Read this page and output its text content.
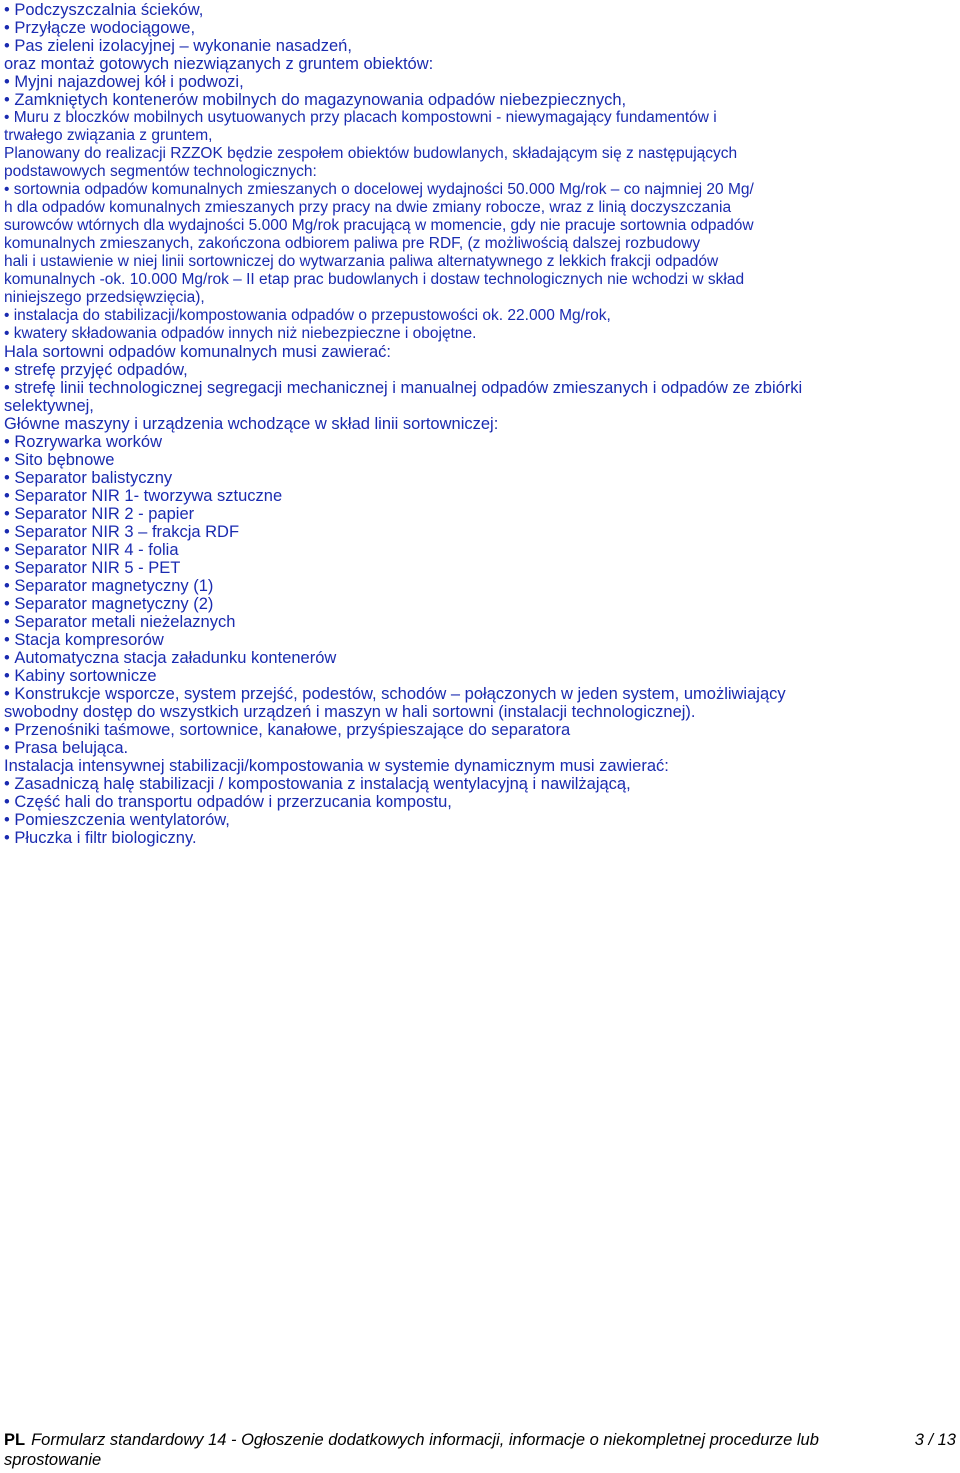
• Podczyszczalnia ścieków,
• Przyłącze wodociągowe,
• Pas zieleni izolacyjnej – wykonanie nasadzeń,
oraz montaż gotowych niezwiązanych z gruntem obiektów:
• Myjni najazdowej kół i podwozi,
• Zamkniętych kontenerów mobilnych do magazynowania odpadów niebezpiecznych,
• Muru z bloczków mobilnych usytuowanych przy placach kompostowni - niewymagający fundamentów i
trwałego związania z gruntem,
Planowany do realizacji RZZOK będzie zespołem obiektów budowlanych, składającym się z następujących
podstawowych segmentów technologicznych:
• sortownia odpadów komunalnych zmieszanych o docelowej wydajności 50.000 Mg/rok – co najmniej 20 Mg/
h dla odpadów komunalnych zmieszanych przy pracy na dwie zmiany robocze, wraz z linią doczyszczania
surowców wtórnych dla wydajności 5.000 Mg/rok pracującą w momencie, gdy nie pracuje sortownia odpadów
komunalnych zmieszanych, zakończona odbiorem paliwa pre RDF, (z możliwością dalszej rozbudowy
hali i ustawienie w niej linii sortowniczej do wytwarzania paliwa alternatywnego z lekkich frakcji odpadów
komunalnych -ok. 10.000 Mg/rok – II etap prac budowlanych i dostaw technologicznych nie wchodzi w skład
niniejszego przedsięwzięcia),
• instalacja do stabilizacji/kompostowania odpadów o przepustowości ok. 22.000 Mg/rok,
• kwatery składowania odpadów innych niż niebezpieczne i obojętne.
Hala sortowni odpadów komunalnych musi zawierać:
• strefę przyjęć odpadów,
• strefę linii technologicznej segregacji mechanicznej i manualnej odpadów zmieszanych i odpadów ze zbiórki
selektywnej,
Główne maszyny i urządzenia wchodzące w skład linii sortowniczej:
• Rozrywarka worków
• Sito bębnowe
• Separator balistyczny
• Separator NIR 1- tworzywa sztuczne
• Separator NIR 2 - papier
• Separator NIR 3 – frakcja RDF
• Separator NIR 4 - folia
• Separator NIR 5 - PET
• Separator magnetyczny (1)
• Separator magnetyczny (2)
• Separator metali nieżelaznych
• Stacja kompresorów
• Automatyczna stacja załadunku kontenerów
• Kabiny sortownicze
• Konstrukcje wsporcze, system przejść, podestów, schodów – połączonych w jeden system, umożliwiający
swobodny dostęp do wszystkich urządzeń i maszyn w hali sortowni (instalacji technologicznej).
• Przenośniki taśmowe, sortownice, kanałowe, przyśpieszające do separatora
• Prasa belująca.
Instalacja intensywnej stabilizacji/kompostowania w systemie dynamicznym musi zawierać:
• Zasadniczą halę stabilizacji / kompostowania z instalacją wentylacyjną i nawilżającą,
• Część hali do transportu odpadów i przerzucania kompostu,
• Pomieszczenia wentylatorów,
• Płuczka i filtr biologiczny.
PL Formularz standardowy 14 - Ogłoszenie dodatkowych informacji, informacje o niekompletnej procedurze lub sprostowanie
3 / 13
